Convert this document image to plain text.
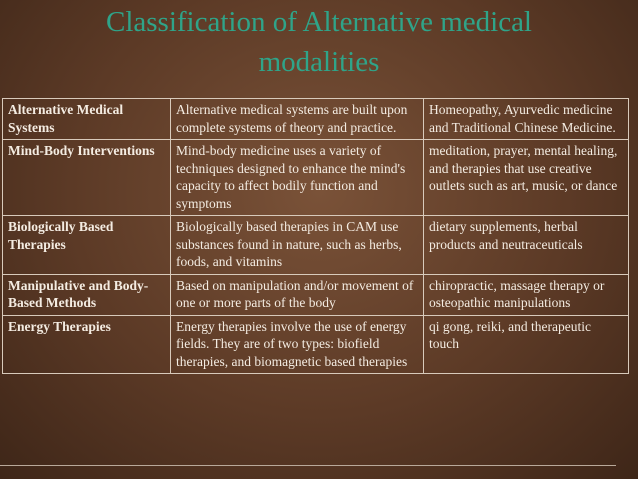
Classification of Alternative medical
modalities
Alternative Medical Systems	Alternative medical systems are built upon complete systems of theory and practice.	Homeopathy, Ayurvedic medicine and Traditional Chinese Medicine.
Mind-Body Interventions	Mind-body medicine uses a variety of techniques designed to enhance the mind's capacity to affect bodily function and symptoms	meditation, prayer, mental healing, and therapies that use creative outlets such as art, music, or dance
Biologically Based Therapies	Biologically based therapies in CAM use substances found in nature, such as herbs, foods, and vitamins	dietary supplements, herbal products and neutraceuticals
Manipulative and Body-Based Methods	Based on manipulation and/or movement of one or more parts of the body	chiropractic, massage therapy or osteopathic manipulations
Energy Therapies	Energy therapies involve the use of energy fields. They are of two types: biofield therapies, and biomagnetic based therapies	qi gong, reiki, and therapeutic touch
